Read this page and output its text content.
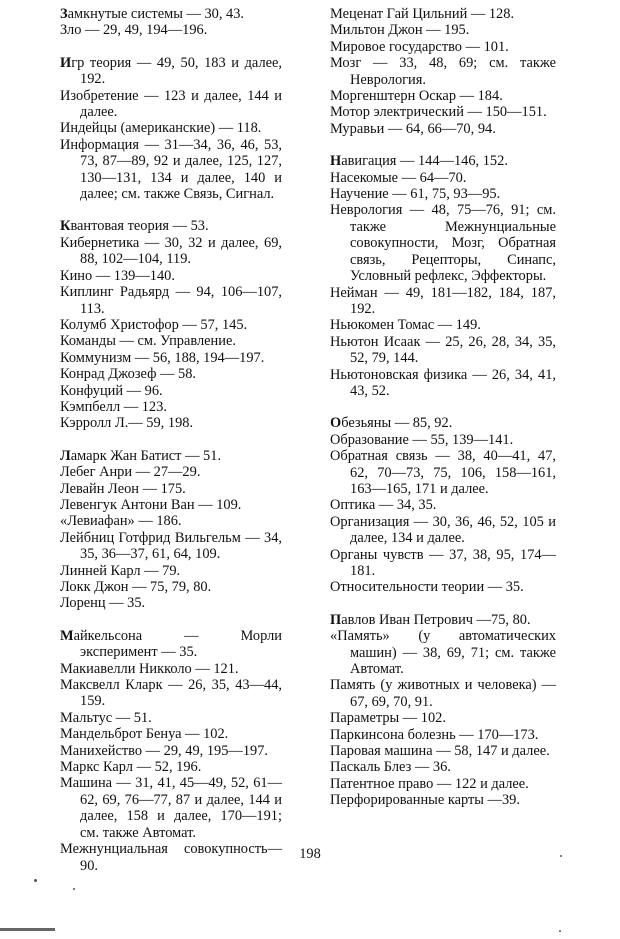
Замкнутые системы — 30, 43.
Зло — 29, 49, 194—196.
Игр теория — 49, 50, 183 и далее, 192.
Изобретение — 123 и далее, 144 и далее.
Индейцы (американские) — 118.
Информация — 31—34, 36, 46, 53, 73, 87—89, 92 и далее, 125, 127, 130—131, 134 и далее, 140 и далее; см. также Связь, Сигнал.
Квантовая теория — 53.
Кибернетика — 30, 32 и далее, 69, 88, 102—104, 119.
Кино — 139—140.
Киплинг Радьярд — 94, 106—107, 113.
Колумб Христофор — 57, 145.
Команды — см. Управление.
Коммунизм — 56, 188, 194—197.
Конрад Джозеф — 58.
Конфуций — 96.
Кэмпбелл — 123.
Кэрролл Л.— 59, 198.
Ламарк Жан Батист — 51.
Лебег Анри — 27—29.
Левайн Леон — 175.
Левенгук Антони Ван — 109.
«Левиафан» — 186.
Лейбниц Готфрид Вильгельм — 34, 35, 36—37, 61, 64, 109.
Линней Карл — 79.
Локк Джон — 75, 79, 80.
Лоренц — 35.
Майкельсона — Морли эксперимент — 35.
Макиавелли Никколо — 121.
Максвелл Кларк — 26, 35, 43—44, 159.
Мальтус — 51.
Мандельброт Бенуа — 102.
Манихейство — 29, 49, 195—197.
Маркс Карл — 52, 196.
Машина — 31, 41, 45—49, 52, 61—62, 69, 76—77, 87 и далее, 144 и далее, 158 и далее, 170—191; см. также Автомат.
Межнунциальная совокупность— 90.
Меценат Гай Цильний — 128.
Мильтон Джон — 195.
Мировое государство — 101.
Мозг — 33, 48, 69; см. также Неврология.
Моргенштерн Оскар — 184.
Мотор электрический — 150—151.
Муравьи — 64, 66—70, 94.
Навигация — 144—146, 152.
Насекомые — 64—70.
Научение — 61, 75, 93—95.
Неврология — 48, 75—76, 91; см. также Межнунциальные совокупности, Мозг, Обратная связь, Рецепторы, Синапс, Условный рефлекс, Эффекторы.
Нейман — 49, 181—182, 184, 187, 192.
Ньюкомен Томас — 149.
Ньютон Исаак — 25, 26, 28, 34, 35, 52, 79, 144.
Ньютоновская физика — 26, 34, 41, 43, 52.
Обезьяны — 85, 92.
Образование — 55, 139—141.
Обратная связь — 38, 40—41, 47, 62, 70—73, 75, 106, 158—161, 163—165, 171 и далее.
Оптика — 34, 35.
Организация — 30, 36, 46, 52, 105 и далее, 134 и далее.
Органы чувств — 37, 38, 95, 174—181.
Относительности теории — 35.
Павлов Иван Петрович —75, 80.
«Память» (у автоматических машин) — 38, 69, 71; см. также Автомат.
Память (у животных и человека) — 67, 69, 70, 91.
Параметры — 102.
Паркинсона болезнь — 170—173.
Паровая машина — 58, 147 и далее.
Паскаль Блез — 36.
Патентное право — 122 и далее.
Перфорированные карты —39.
198
